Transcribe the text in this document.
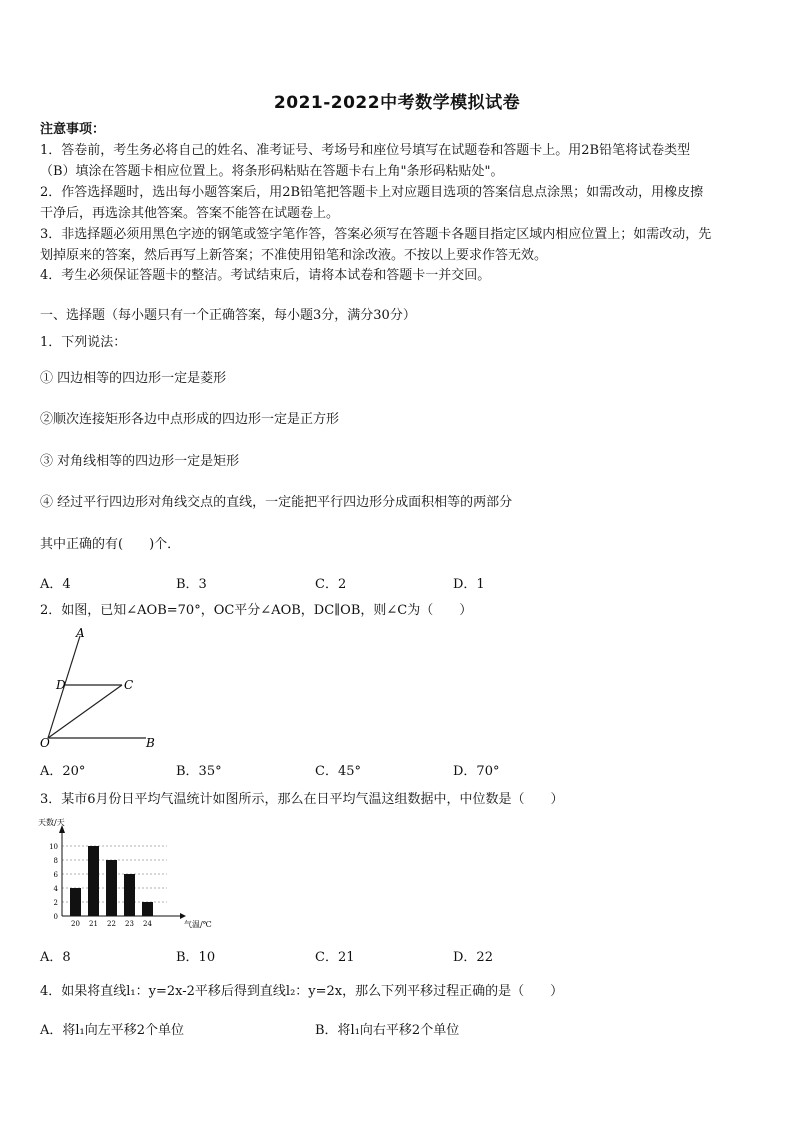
2021-2022中考数学模拟试卷
注意事项：
1．答卷前，考生务必将自己的姓名、准考证号、考场号和座位号填写在试题卷和答题卡上。用2B铅笔将试卷类型
（B）填涂在答题卡相应位置上。将条形码粘贴在答题卡右上角"条形码粘贴处"。
2．作答选择题时，选出每小题答案后，用2B铅笔把答题卡上对应题目选项的答案信息点涂黑；如需改动，用橡皮擦
干净后，再选涂其他答案。答案不能答在试题卷上。
3．非选择题必须用黑色字迹的钢笔或签字笔作答，答案必须写在答题卡各题目指定区域内相应位置上；如需改动，先
划掉原来的答案，然后再写上新答案；不准使用铅笔和涂改液。不按以上要求作答无效。
4．考生必须保证答题卡的整洁。考试结束后，请将本试卷和答题卡一并交回。
一、选择题（每小题只有一个正确答案，每小题3分，满分30分）
1．下列说法：
① 四边相等的四边形一定是菱形
②顺次连接矩形各边中点形成的四边形一定是正方形
③ 对角线相等的四边形一定是矩形
④ 经过平行四边形对角线交点的直线，一定能把平行四边形分成面积相等的两部分
其中正确的有(　　)个．
A．4	B．3	C．2	D．1
2．如图，已知∠AOB=70°，OC平分∠AOB，DC∥OB，则∠C为（　　）
A
D	C
O	B
A．20°	B．35°	C．45°	D．70°
3．某市6月份日平均气温统计如图所示，那么在日平均气温这组数据中，中位数是（　　）
0
2
4
6
8
10
20 21 22 23 24
天数/天
气温/℃
A．8	B．10	C．21	D．22
4．如果将直线l₁：y=2x-2平移后得到直线l₂：y=2x，那么下列平移过程正确的是（　　）
A．将l₁向左平移2个单位	B．将l₁向右平移2个单位
